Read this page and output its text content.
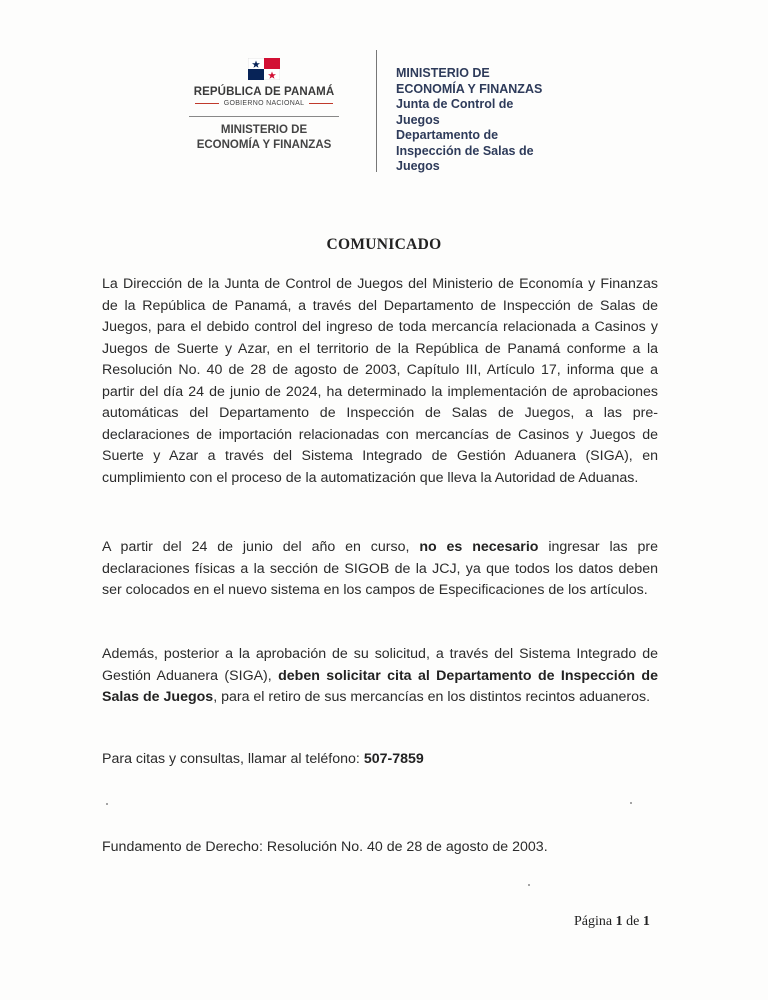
REPÚBLICA DE PANAMÁ
GOBIERNO NACIONAL
MINISTERIO DE
ECONOMÍA Y FINANZAS
MINISTERIO DE
ECONOMÍA Y FINANZAS
Junta de Control de
Juegos
Departamento de
Inspección de Salas de
Juegos
COMUNICADO
La Dirección de la Junta de Control de Juegos del Ministerio de Economía y Finanzas de la República de Panamá, a través del Departamento de Inspección de Salas de Juegos, para el debido control del ingreso de toda mercancía relacionada a Casinos y Juegos de Suerte y Azar, en el territorio de la República de Panamá conforme a la Resolución No. 40 de 28 de agosto de 2003, Capítulo III, Artículo 17, informa que a partir del día 24 de junio de 2024, ha determinado la implementación de aprobaciones automáticas del Departamento de Inspección de Salas de Juegos, a las pre-declaraciones de importación relacionadas con mercancías de Casinos y Juegos de Suerte y Azar a través del Sistema Integrado de Gestión Aduanera (SIGA), en cumplimiento con el proceso de la automatización que lleva la Autoridad de Aduanas.
A partir del 24 de junio del año en curso, no es necesario ingresar las pre declaraciones físicas a la sección de SIGOB de la JCJ, ya que todos los datos deben ser colocados en el nuevo sistema en los campos de Especificaciones de los artículos.
Además, posterior a la aprobación de su solicitud, a través del Sistema Integrado de Gestión Aduanera (SIGA), deben solicitar cita al Departamento de Inspección de Salas de Juegos, para el retiro de sus mercancías en los distintos recintos aduaneros.
Para citas y consultas, llamar al teléfono: 507-7859
Fundamento de Derecho: Resolución No. 40 de 28 de agosto de 2003.
Página 1 de 1
